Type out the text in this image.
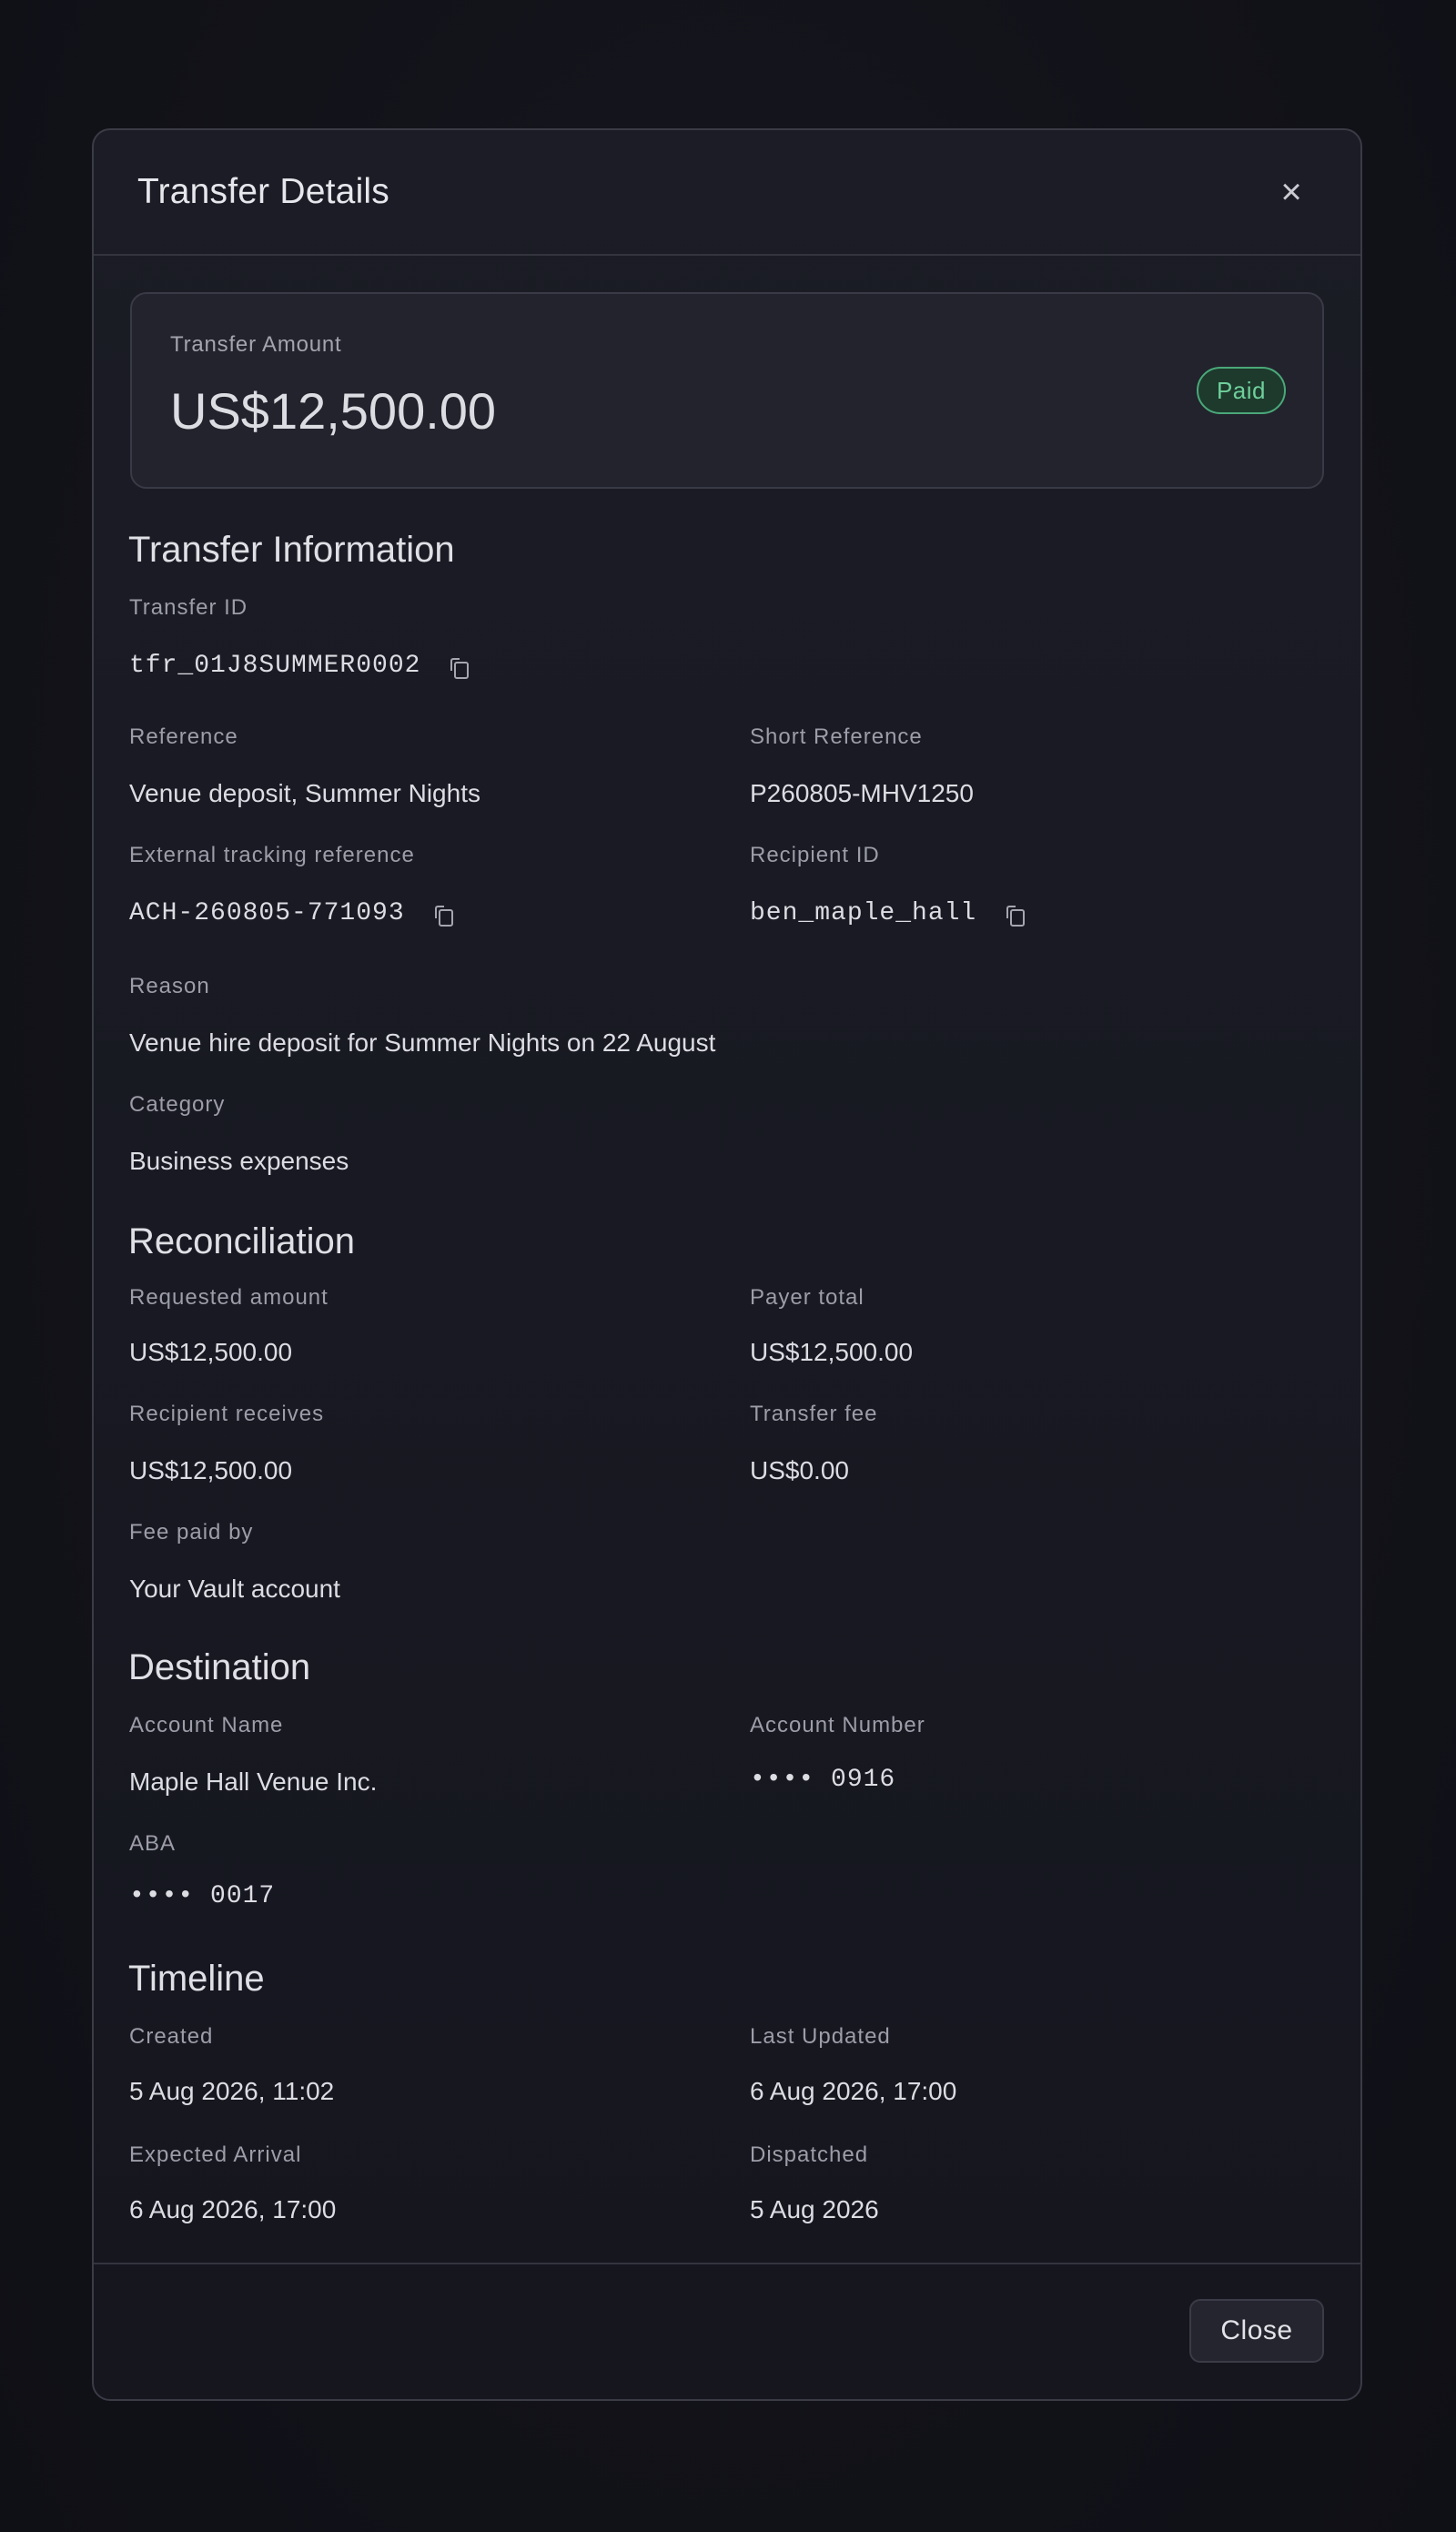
Transfer Details	×
Transfer Amount
US$12,500.00	Paid
Close
Transfer Information
Transfer ID
tfr_01J8SUMMER0002
Reference
Venue deposit, Summer Nights
Short Reference
P260805-MHV1250
External tracking reference
ACH-260805-771093
Recipient ID
ben_maple_hall
Reason
Venue hire deposit for Summer Nights on 22 August
Category
Business expenses
Reconciliation
Requested amount
US$12,500.00
Payer total
US$12,500.00
Recipient receives
US$12,500.00
Transfer fee
US$0.00
Fee paid by
Your Vault account
Destination
Account Name
Maple Hall Venue Inc.
Account Number
•••• 0916
ABA
•••• 0017
Timeline
Created
5 Aug 2026, 11:02
Last Updated
6 Aug 2026, 17:00
Expected Arrival
6 Aug 2026, 17:00
Dispatched
5 Aug 2026
